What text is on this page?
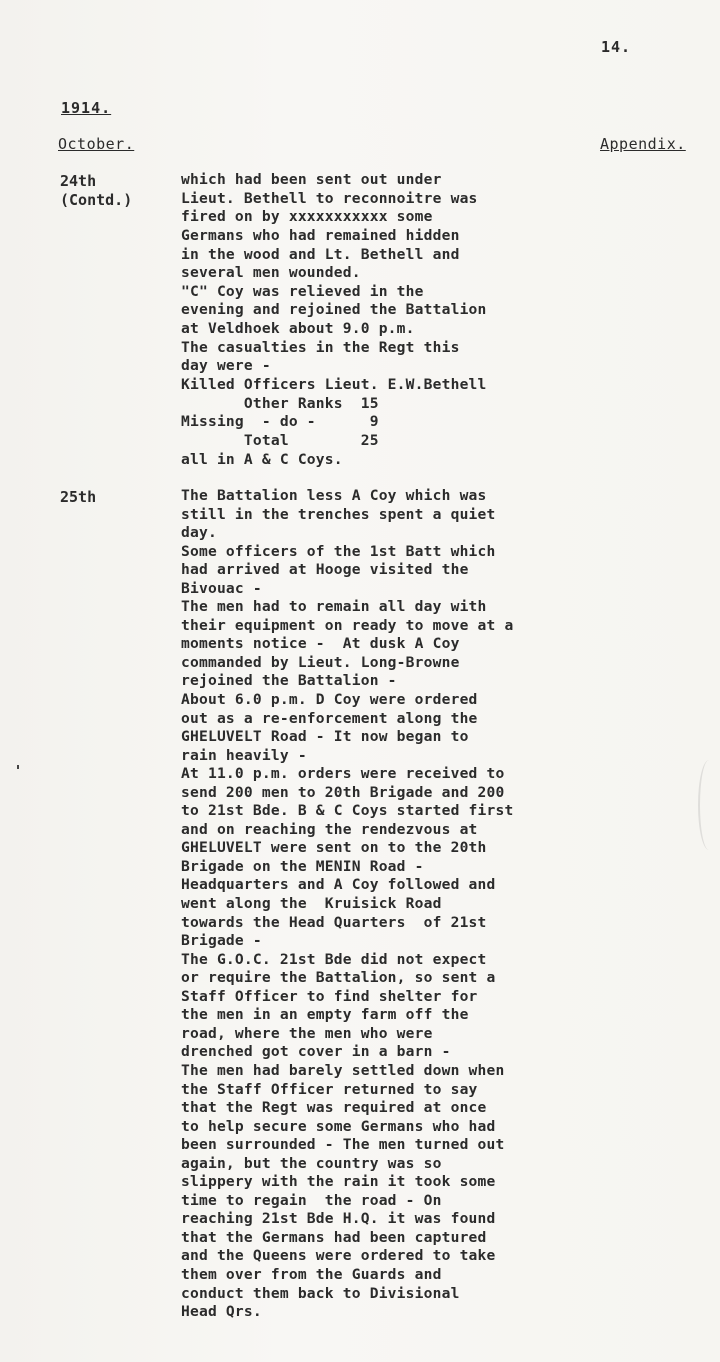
14.
1914.
October.	Appendix.
24th
(Contd.)
which had been sent out under
Lieut. Bethell to reconnoitre was
fired on by xxxxxxxxxxx some
Germans who had remained hidden
in the wood and Lt. Bethell and
several men wounded.
"C" Coy was relieved in the
evening and rejoined the Battalion
at Veldhoek about 9.0 p.m.
The casualties in the Regt this
day were -
Killed Officers Lieut. E.W.Bethell
Other Ranks  15
Missing  - do -      9
Total        25
all in A & C Coys.
25th	The Battalion less A Coy which was
still in the trenches spent a quiet
day.
Some officers of the 1st Batt which
had arrived at Hooge visited the
Bivouac -
The men had to remain all day with
their equipment on ready to move at a
moments notice -  At dusk A Coy
commanded by Lieut. Long-Browne
rejoined the Battalion -
About 6.0 p.m. D Coy were ordered
out as a re-enforcement along the
GHELUVELT Road - It now began to
rain heavily -
At 11.0 p.m. orders were received to
send 200 men to 20th Brigade and 200
to 21st Bde. B & C Coys started first
and on reaching the rendezvous at
GHELUVELT were sent on to the 20th
Brigade on the MENIN Road -
Headquarters and A Coy followed and
went along the  Kruisick Road
towards the Head Quarters  of 21st
Brigade -
The G.O.C. 21st Bde did not expect
or require the Battalion, so sent a
Staff Officer to find shelter for
the men in an empty farm off the
road, where the men who were
drenched got cover in a barn -
The men had barely settled down when
the Staff Officer returned to say
that the Regt was required at once
to help secure some Germans who had
been surrounded - The men turned out
again, but the country was so
slippery with the rain it took some
time to regain  the road - On
reaching 21st Bde H.Q. it was found
that the Germans had been captured
and the Queens were ordered to take
them over from the Guards and
conduct them back to Divisional
Head Qrs.
